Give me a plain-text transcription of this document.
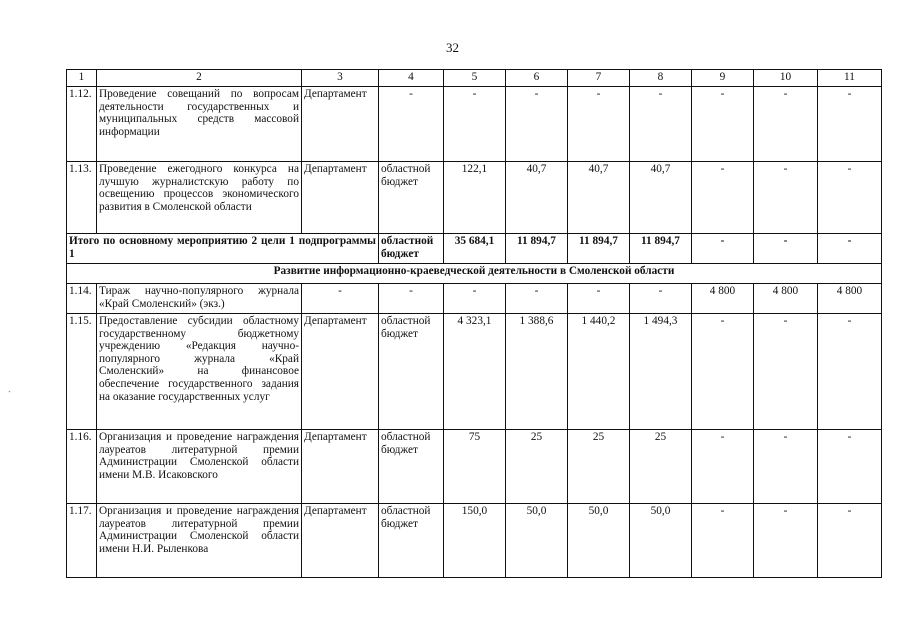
32
1	2	3	4	5	6	7	8	9	10	11
1.12.	Проведение совещаний по вопросам деятельности государственных и муниципальных средств массовой информации	Департамент	-	-	-	-	-	-	-	-
1.13.	Проведение ежегодного конкурса на лучшую журналистскую работу по освещению процессов экономического развития в Смоленской области	Департамент	областной бюджет	122,1	40,7	40,7	40,7	-	-	-
Итого по основному мероприятию 2 цели 1 подпрограммы 1			областной бюджет	35 684,1	11 894,7	11 894,7	11 894,7	-	-	-
Развитие информационно-краеведческой деятельности в Смоленской области										
1.14.	Тираж научно-популярного журнала «Край Смоленский» (экз.)	-	-	-	-	-	-	4 800	4 800	4 800
1.15.	Предоставление субсидии областному государственному бюджетному учреждению «Редакция научно-популярного журнала «Край Смоленский» на финансовое обеспечение государственного задания на оказание государственных услуг	Департамент	областной бюджет	4 323,1	1 388,6	1 440,2	1 494,3	-	-	-
1.16.	Организация и проведение награждения лауреатов литературной премии Администрации Смоленской области имени М.В. Исаковского	Департамент	областной бюджет	75	25	25	25	-	-	-
1.17.	Организация и проведение награждения лауреатов литературной премии Администрации Смоленской области имени Н.И. Рыленкова	Департамент	областной бюджет	150,0	50,0	50,0	50,0	-	-	-
